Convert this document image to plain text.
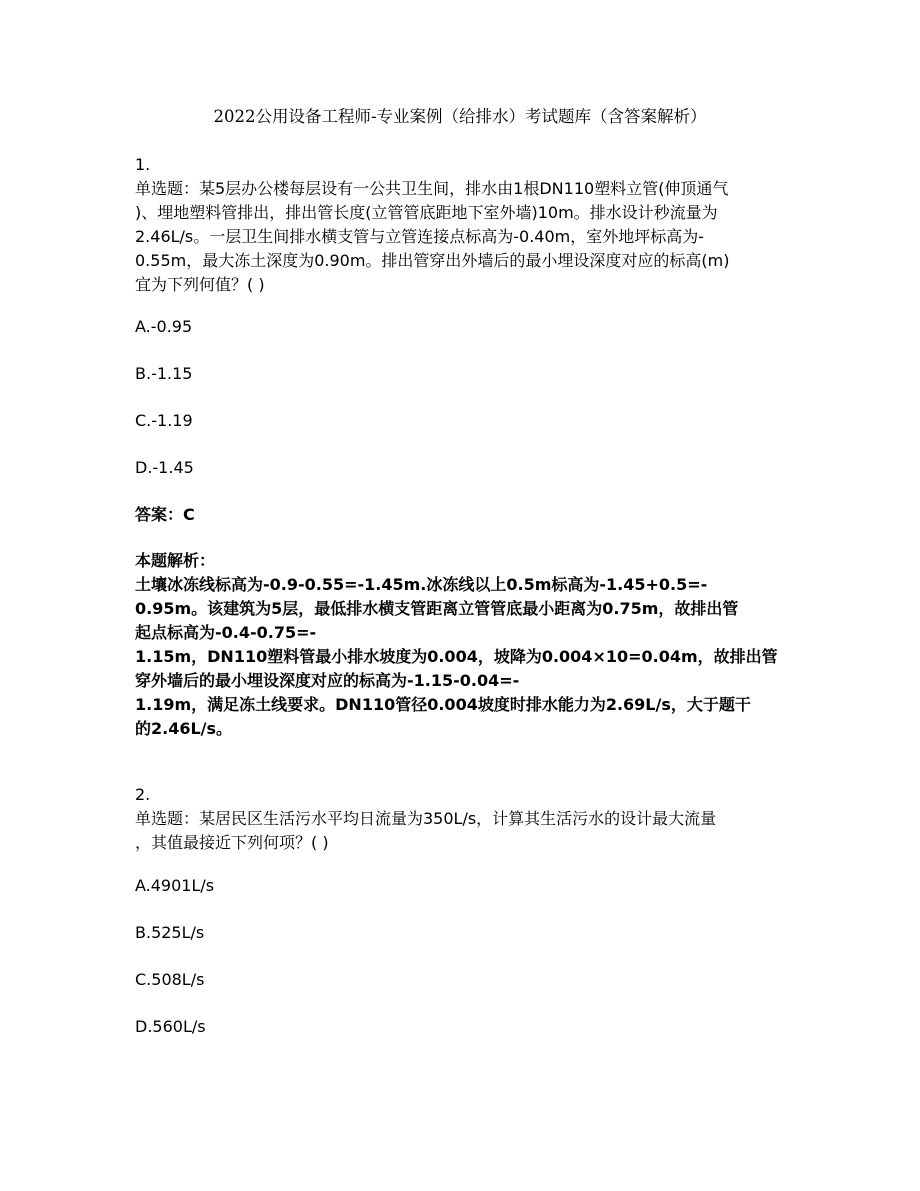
2022公用设备工程师-专业案例（给排水）考试题库（含答案解析）
1.
单选题：某5层办公楼每层设有一公共卫生间，排水由1根DN110塑料立管(伸顶通气
)、埋地塑料管排出，排出管长度(立管管底距地下室外墙)10m。排水设计秒流量为
2.46L/s。一层卫生间排水横支管与立管连接点标高为-0.40m，室外地坪标高为-
0.55m，最大冻土深度为0.90m。排出管穿出外墙后的最小埋设深度对应的标高(m)
宜为下列何值？( )
A.-0.95
B.-1.15
C.-1.19
D.-1.45
答案：C
本题解析：
土壤冰冻线标高为-0.9-0.55=-1.45m.冰冻线以上0.5m标高为-1.45+0.5=-
0.95m。该建筑为5层，最低排水横支管距离立管管底最小距离为0.75m，故排出管
起点标高为-0.4-0.75=-
1.15m，DN110塑料管最小排水坡度为0.004，坡降为0.004×10=0.04m，故排出管
穿外墙后的最小埋设深度对应的标高为-1.15-0.04=-
1.19m，满足冻土线要求。DN110管径0.004坡度时排水能力为2.69L/s，大于题干
的2.46L/s。
2.
单选题：某居民区生活污水平均日流量为350L/s，计算其生活污水的设计最大流量
，其值最接近下列何项？( )
A.4901L/s
B.525L/s
C.508L/s
D.560L/s
